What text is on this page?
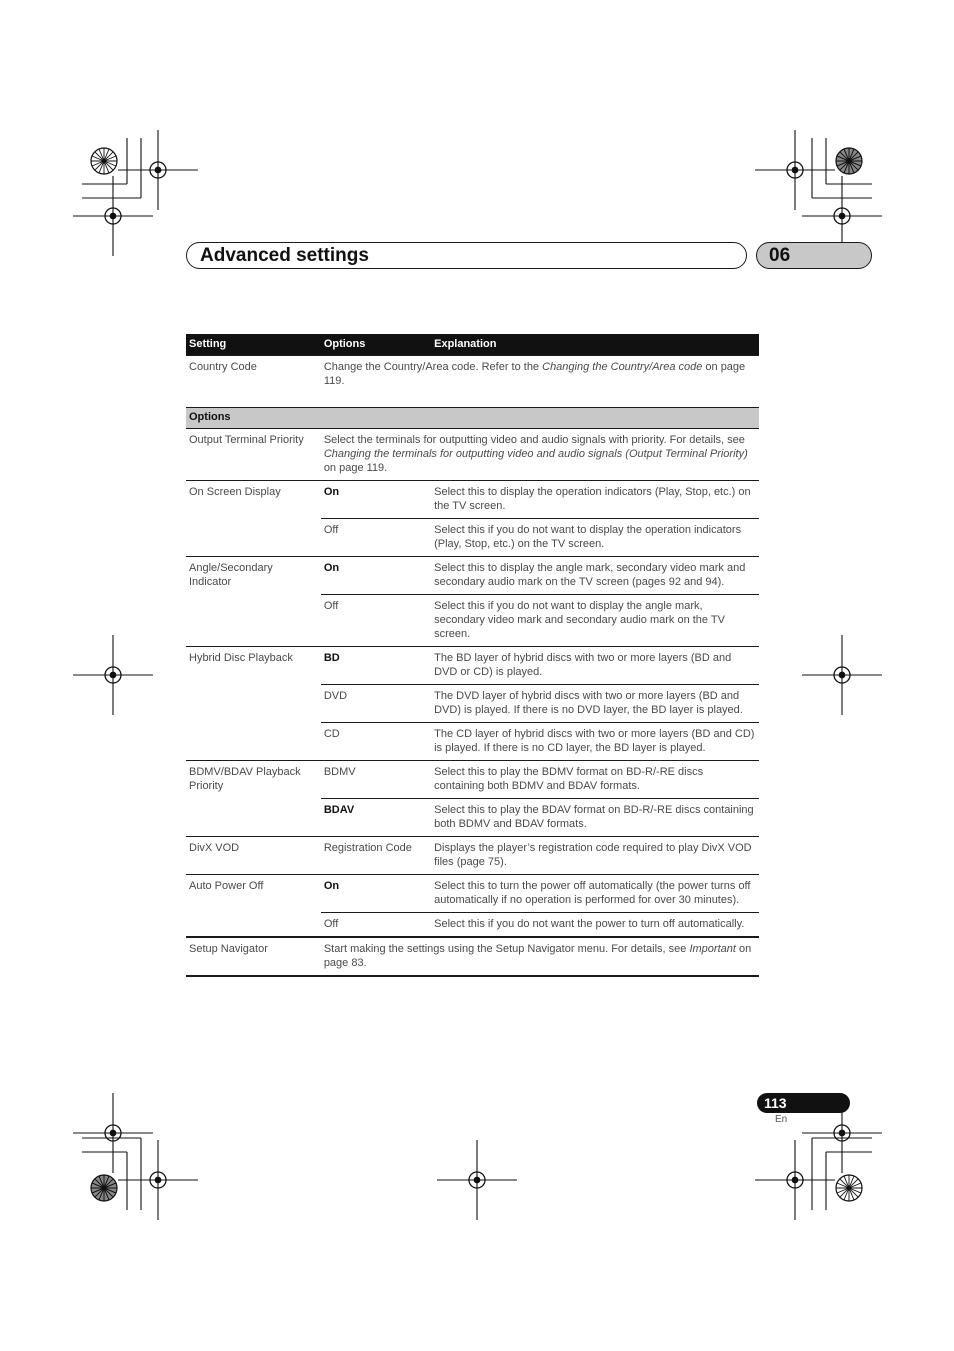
Advanced settings	06
Setting	Options	Explanation
Country Code	Change the Country/Area code. Refer to the Changing the Country/Area code on page 119.	

Options		
Output Terminal Priority	Select the terminals for outputting video and audio signals with priority. For details, see Changing the terminals for outputting video and audio signals (Output Terminal Priority) on page 119.	
On Screen Display	On	Select this to display the operation indicators (Play, Stop, etc.) on the TV screen.
	Off	Select this if you do not want to display the operation indicators (Play, Stop, etc.) on the TV screen.
Angle/Secondary Indicator	On	Select this to display the angle mark, secondary video mark and secondary audio mark on the TV screen (pages 92 and 94).
	Off	Select this if you do not want to display the angle mark, secondary video mark and secondary audio mark on the TV screen.
Hybrid Disc Playback	BD	The BD layer of hybrid discs with two or more layers (BD and DVD or CD) is played.
	DVD	The DVD layer of hybrid discs with two or more layers (BD and DVD) is played. If there is no DVD layer, the BD layer is played.
	CD	The CD layer of hybrid discs with two or more layers (BD and CD) is played. If there is no CD layer, the BD layer is played.
BDMV/BDAV Playback Priority	BDMV	Select this to play the BDMV format on BD-R/-RE discs containing both BDMV and BDAV formats.
	BDAV	Select this to play the BDAV format on BD-R/-RE discs containing both BDMV and BDAV formats.
DivX VOD	Registration Code	Displays the player’s registration code required to play DivX VOD files (page 75).
Auto Power Off	On	Select this to turn the power off automatically (the power turns off automatically if no operation is performed for over 30 minutes).
	Off	Select this if you do not want the power to turn off automatically.
Setup Navigator	Start making the settings using the Setup Navigator menu. For details, see Important on page 83.	
113
En
